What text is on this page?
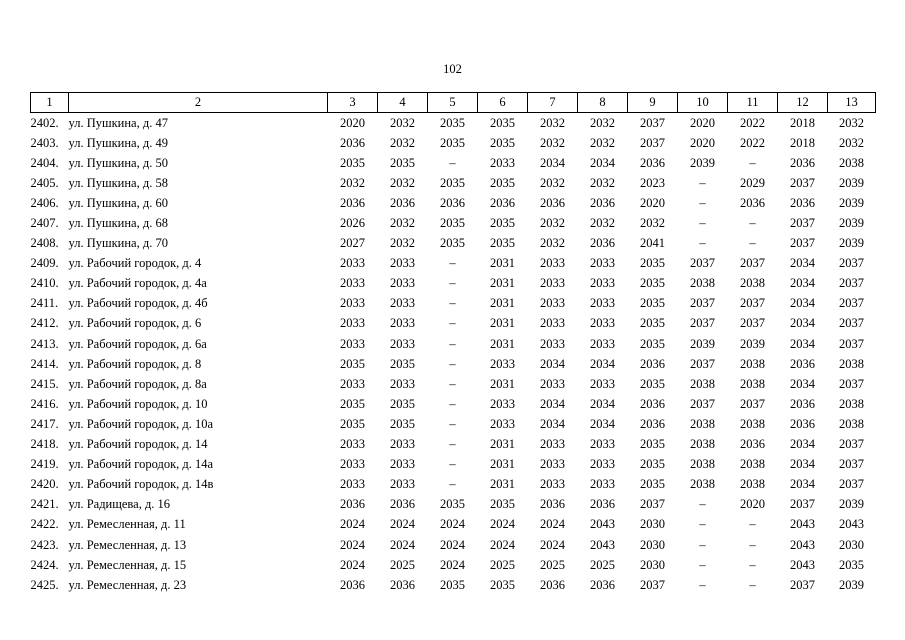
102
1	2	3	4	5	6	7	8	9	10	11	12	13
2402.	ул. Пушкина, д. 47	2020	2032	2035	2035	2032	2032	2037	2020	2022	2018	2032
2403.	ул. Пушкина, д. 49	2036	2032	2035	2035	2032	2032	2037	2020	2022	2018	2032
2404.	ул. Пушкина, д. 50	2035	2035	–	2033	2034	2034	2036	2039	–	2036	2038
2405.	ул. Пушкина, д. 58	2032	2032	2035	2035	2032	2032	2023	–	2029	2037	2039
2406.	ул. Пушкина, д. 60	2036	2036	2036	2036	2036	2036	2020	–	2036	2036	2039
2407.	ул. Пушкина, д. 68	2026	2032	2035	2035	2032	2032	2032	–	–	2037	2039
2408.	ул. Пушкина, д. 70	2027	2032	2035	2035	2032	2036	2041	–	–	2037	2039
2409.	ул. Рабочий городок, д. 4	2033	2033	–	2031	2033	2033	2035	2037	2037	2034	2037
2410.	ул. Рабочий городок, д. 4а	2033	2033	–	2031	2033	2033	2035	2038	2038	2034	2037
2411.	ул. Рабочий городок, д. 4б	2033	2033	–	2031	2033	2033	2035	2037	2037	2034	2037
2412.	ул. Рабочий городок, д. 6	2033	2033	–	2031	2033	2033	2035	2037	2037	2034	2037
2413.	ул. Рабочий городок, д. 6а	2033	2033	–	2031	2033	2033	2035	2039	2039	2034	2037
2414.	ул. Рабочий городок, д. 8	2035	2035	–	2033	2034	2034	2036	2037	2038	2036	2038
2415.	ул. Рабочий городок, д. 8а	2033	2033	–	2031	2033	2033	2035	2038	2038	2034	2037
2416.	ул. Рабочий городок, д. 10	2035	2035	–	2033	2034	2034	2036	2037	2037	2036	2038
2417.	ул. Рабочий городок, д. 10а	2035	2035	–	2033	2034	2034	2036	2038	2038	2036	2038
2418.	ул. Рабочий городок, д. 14	2033	2033	–	2031	2033	2033	2035	2038	2036	2034	2037
2419.	ул. Рабочий городок, д. 14а	2033	2033	–	2031	2033	2033	2035	2038	2038	2034	2037
2420.	ул. Рабочий городок, д. 14в	2033	2033	–	2031	2033	2033	2035	2038	2038	2034	2037
2421.	ул. Радищева, д. 16	2036	2036	2035	2035	2036	2036	2037	–	2020	2037	2039
2422.	ул. Ремесленная, д. 11	2024	2024	2024	2024	2024	2043	2030	–	–	2043	2043
2423.	ул. Ремесленная, д. 13	2024	2024	2024	2024	2024	2043	2030	–	–	2043	2030
2424.	ул. Ремесленная, д. 15	2024	2025	2024	2025	2025	2025	2030	–	–	2043	2035
2425.	ул. Ремесленная, д. 23	2036	2036	2035	2035	2036	2036	2037	–	–	2037	2039
